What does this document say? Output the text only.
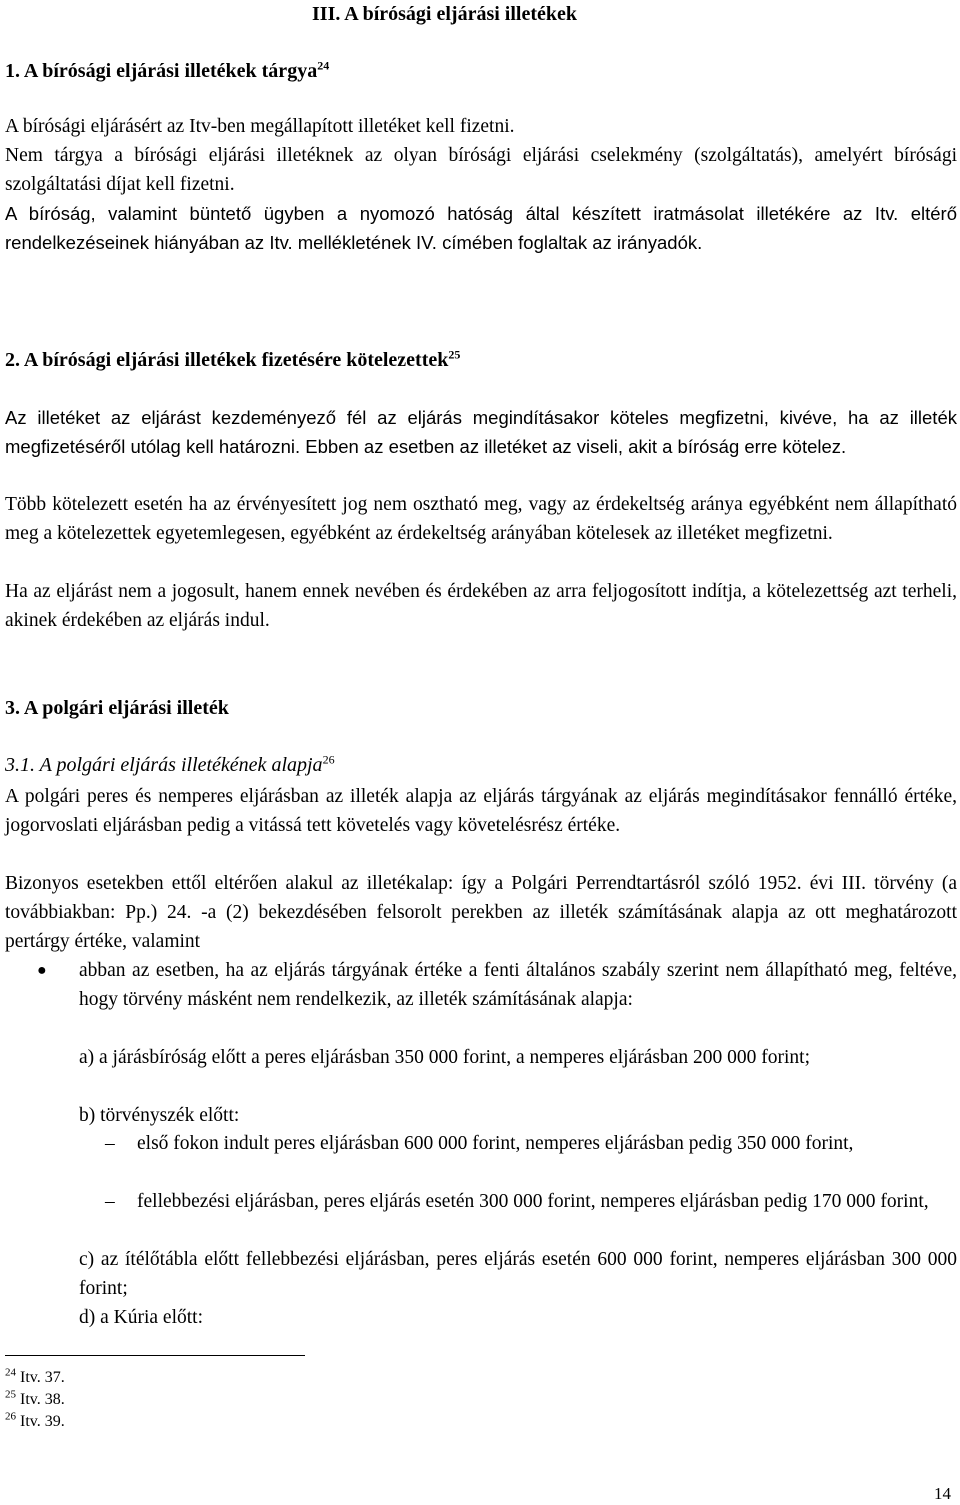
III. A bírósági eljárási illetékek
1. A bírósági eljárási illetékek tárgya$^{24}$
A bírósági eljárásért az Itv-ben megállapított illetéket kell fizetni.
Nem tárgya a bírósági eljárási illetéknek az olyan bírósági eljárási cselekmény (szolgáltatás), amelyért bírósági szolgáltatási díjat kell fizetni.
A bíróság, valamint büntető ügyben a nyomozó hatóság által készített iratmásolat illetékére az Itv. eltérő rendelkezéseinek hiányában az Itv. mellékletének IV. címében foglaltak az irányadók.
2. A bírósági eljárási illetékek fizetésére kötelezettek$^{25}$
Az illetéket az eljárást kezdeményező fél az eljárás megindításakor köteles megfizetni, kivéve, ha az illeték megfizetéséről utólag kell határozni. Ebben az esetben az illetéket az viseli, akit a bíróság erre kötelez.
Több kötelezett esetén ha az érvényesített jog nem osztható meg, vagy az érdekeltség aránya egyébként nem állapítható meg a kötelezettek egyetemlegesen, egyébként az érdekeltség arányában kötelesek az illetéket megfizetni.
Ha az eljárást nem a jogosult, hanem ennek nevében és érdekében az arra feljogosított indítja, a kötelezettség azt terheli, akinek érdekében az eljárás indul.
3. A polgári eljárási illeték
3.1. A polgári eljárás illetékének alapja$^{26}$
A polgári peres és nemperes eljárásban az illeték alapja az eljárás tárgyának az eljárás megindításakor fennálló értéke, jogorvoslati eljárásban pedig a vitássá tett követelés vagy követelésrész értéke.
Bizonyos esetekben ettől eltérően alakul az illetékalap: így a Polgári Perrendtartásról szóló 1952. évi III. törvény (a továbbiakban: Pp.) 24. -a (2) bekezdésében felsorolt perekben az illeték számításának alapja az ott meghatározott pertárgy értéke, valamint
● abban az esetben, ha az eljárás tárgyának értéke a fenti általános szabály szerint nem állapítható meg, feltéve, hogy törvény másként nem rendelkezik, az illeték számításának alapja:
a) a járásbíróság előtt a peres eljárásban 350 000 forint, a nemperes eljárásban 200 000 forint;
b) törvényszék előtt:
–	első fokon indult peres eljárásban 600 000 forint, nemperes eljárásban pedig 350 000 forint,
–	fellebbezési eljárásban, peres eljárás esetén 300 000 forint, nemperes eljárásban pedig 170 000 forint,
c) az ítélőtábla előtt fellebbezési eljárásban, peres eljárás esetén 600 000 forint, nemperes eljárásban 300 000 forint;
d) a Kúria előtt:
$^{24}$ Itv. 37.
$^{25}$ Itv. 38.
$^{26}$ Itv. 39.
14
